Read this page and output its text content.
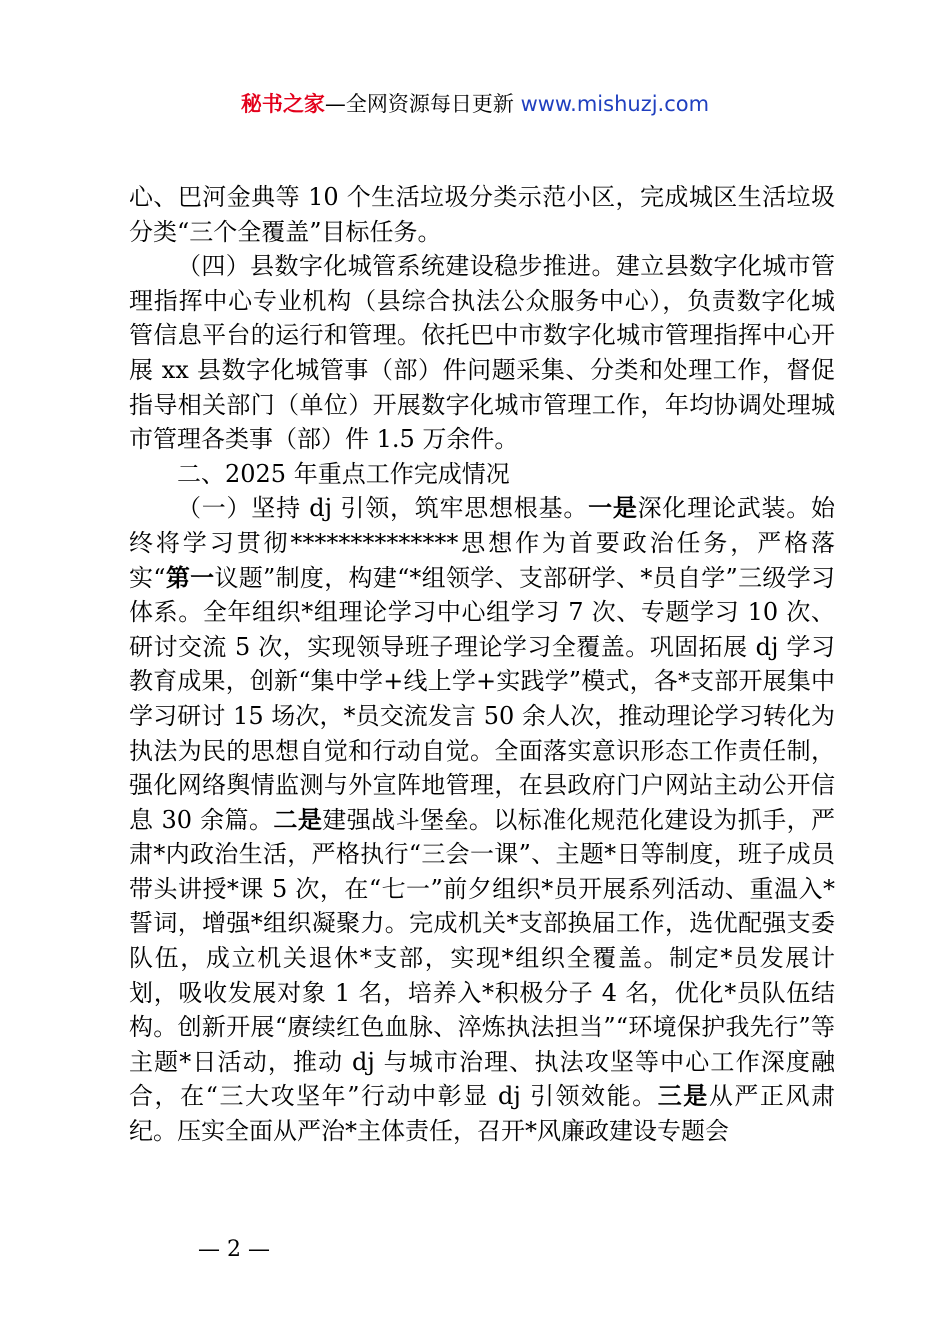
秘书之家—全网资源每日更新 www.mishuzj.com

心、巴河金典等 10 个生活垃圾分类示范小区，完成城区生活垃圾分类“三个全覆盖”目标任务。

（四）县数字化城管系统建设稳步推进。建立县数字化城市管理指挥中心专业机构（县综合执法公众服务中心），负责数字化城管信息平台的运行和管理。依托巴中市数字化城市管理指挥中心开展 xx 县数字化城管事（部）件问题采集、分类和处理工作，督促指导相关部门（单位）开展数字化城市管理工作，年均协调处理城市管理各类事（部）件 1.5 万余件。

二、2025 年重点工作完成情况

（一）坚持 dj 引领，筑牢思想根基。一是深化理论武装。始终将学习贯彻**************思想作为首要政治任务，严格落实“第一议题”制度，构建“*组领学、支部研学、*员自学”三级学习体系。全年组织*组理论学习中心组学习 7 次、专题学习 10 次、研讨交流 5 次，实现领导班子理论学习全覆盖。巩固拓展 dj 学习教育成果，创新“集中学+线上学+实践学”模式，各*支部开展集中学习研讨 15 场次，*员交流发言 50 余人次，推动理论学习转化为执法为民的思想自觉和行动自觉。全面落实意识形态工作责任制，强化网络舆情监测与外宣阵地管理，在县政府门户网站主动公开信息 30 余篇。二是建强战斗堡垒。以标准化规范化建设为抓手，严肃*内政治生活，严格执行“三会一课”、主题*日等制度，班子成员带头讲授*课 5 次，在“七一”前夕组织*员开展系列活动、重温入*誓词，增强*组织凝聚力。完成机关*支部换届工作，选优配强支委队伍，成立机关退休*支部，实现*组织全覆盖。制定*员发展计划，吸收发展对象 1 名，培养入*积极分子 4 名，优化*员队伍结构。创新开展“赓续红色血脉、淬炼执法担当”“环境保护我先行”等主题*日活动，推动 dj 与城市治理、执法攻坚等中心工作深度融合，在“三大攻坚年”行动中彰显 dj 引领效能。三是从严正风肃纪。压实全面从严治*主体责任，召开*风廉政建设专题会

— 2 —
